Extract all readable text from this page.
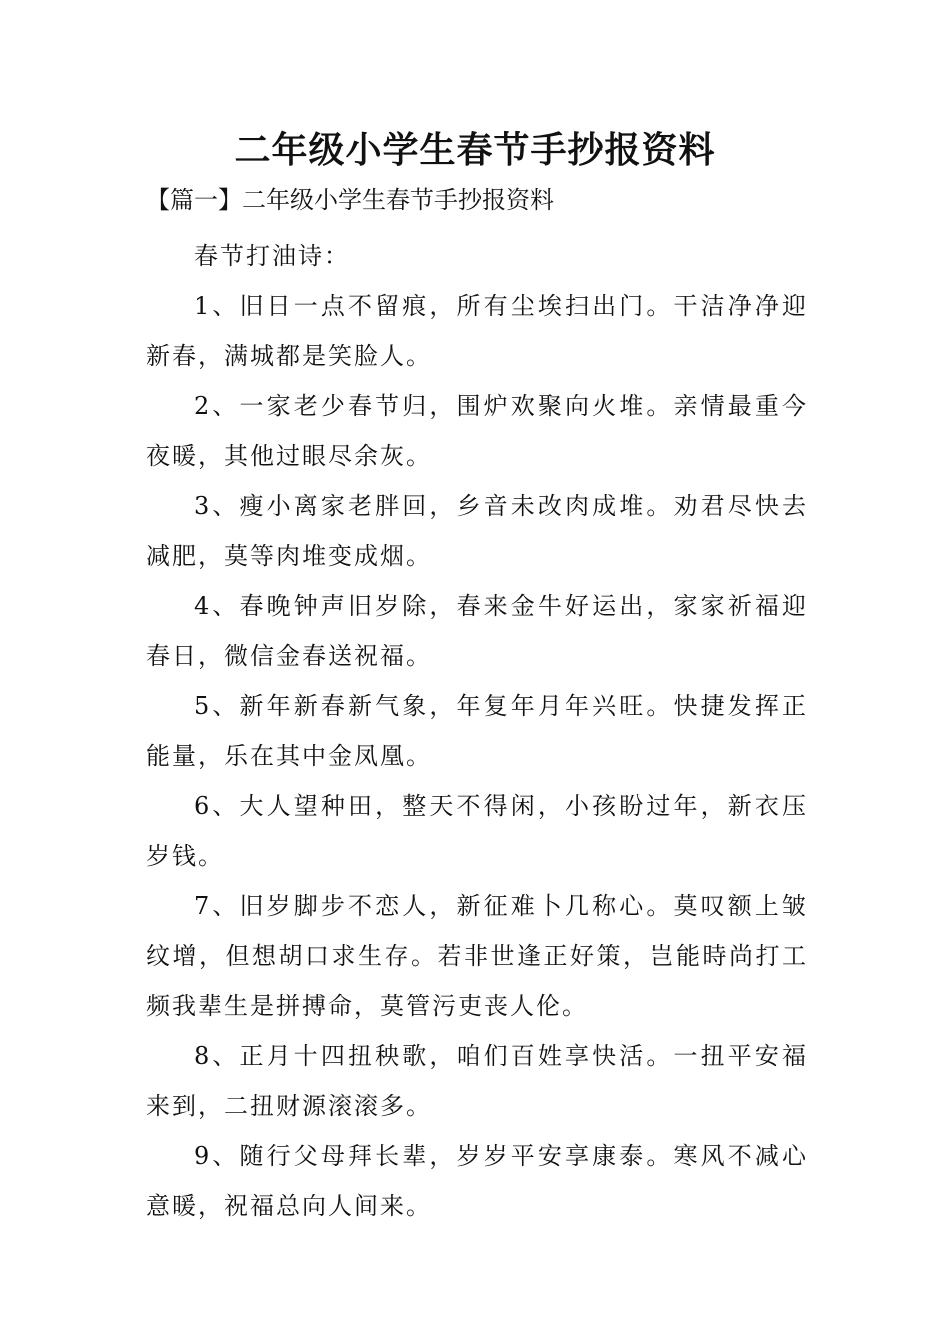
二年级小学生春节手抄报资料
【篇一】二年级小学生春节手抄报资料

春节打油诗：

1、旧日一点不留痕，所有尘埃扫出门。干洁净净迎新春，满城都是笑脸人。

2、一家老少春节归，围炉欢聚向火堆。亲情最重今夜暖，其他过眼尽余灰。

3、瘦小离家老胖回，乡音未改肉成堆。劝君尽快去减肥，莫等肉堆变成烟。

4、春晚钟声旧岁除，春来金牛好运出，家家祈福迎春日，微信金春送祝福。

5、新年新春新气象，年复年月年兴旺。快捷发挥正能量，乐在其中金凤凰。

6、大人望种田，整天不得闲，小孩盼过年，新衣压岁钱。

7、旧岁脚步不恋人，新征难卜几称心。莫叹额上皱纹增，但想胡口求生存。若非世逢正好策，岂能時尚打工频我辈生是拼搏命，莫管污吏丧人伦。

8、正月十四扭秧歌，咱们百姓享快活。一扭平安福来到，二扭财源滚滚多。

9、随行父母拜长辈，岁岁平安享康泰。寒风不减心意暖，祝福总向人间来。
